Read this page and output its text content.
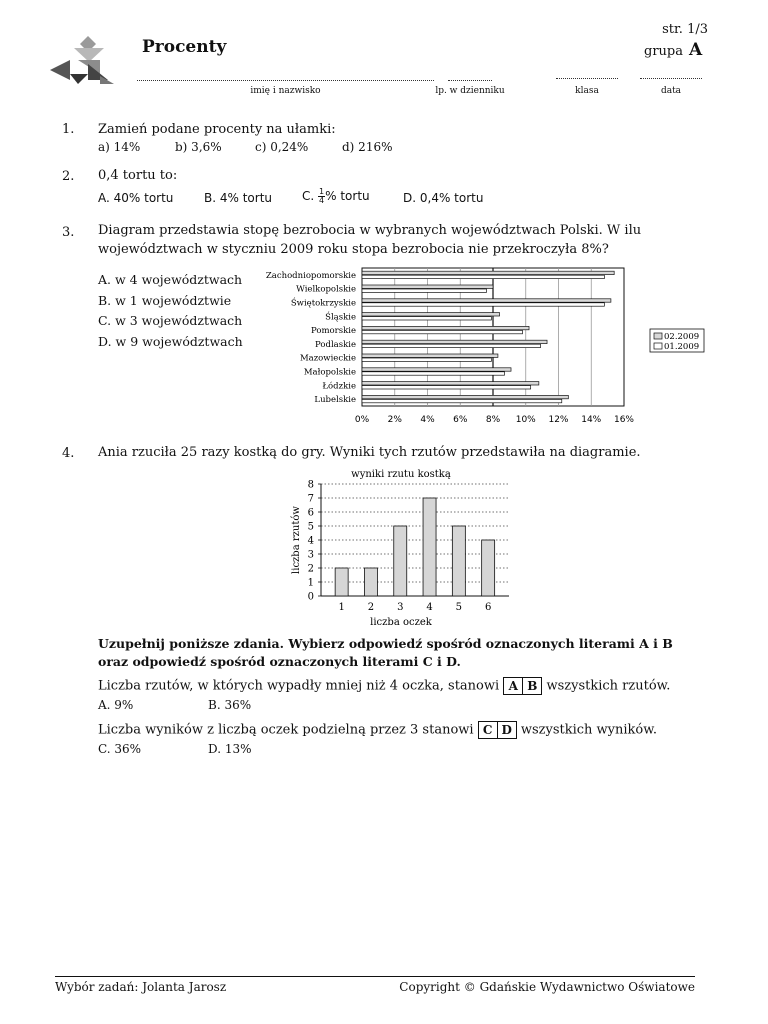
Procenty
str. 1/3
grupa A
imię i nazwisko	lp. w dzienniku	klasa	data
1. Zamień podane procenty na ułamki:
a) 14%	b) 3,6%	c) 0,24%	d) 216%
2. 0,4 tortu to:
A. 40% tortu	B. 4% tortu C. $\frac{1}{4}$ % tortu	D. 0,4% tortu
3. Diagram przedstawia stopę bezrobocia w wybranych województwach Polski. W ilu województwach w styczniu 2009 roku stopa bezrobocia nie przekroczyła 8%?
A. w 4 województwach
B. w 1 województwie
C. w 3 województwach
D. w 9 województwach
0% 2% 4% 6% 8% 10% 12% 14% 16%
Zachodniopomorskie
Wielkopolskie
Świętokrzyskie
Śląskie
Pomorskie
Podlaskie
Mazowieckie
Małopolskie
Łódzkie
Lubelskie
02.2009
01.2009
4. Ania rzuciła 25 razy kostką do gry. Wyniki tych rzutów przedstawiła na diagramie.
wyniki rzutu kostką
0
1
2
3
4
5
6
7
8
1 2 3 4 5 6
liczba oczek
liczba rzutów
Uzupełnij poniższe zdania. Wybierz odpowiedź spośród oznaczonych literami A i B oraz odpowiedź spośród oznaczonych literami C i D.
Liczba rzutów, w których wypadły mniej niż 4 oczka, stanowi A B wszystkich rzutów.
A. 9%	B. 36%
Liczba wyników z liczbą oczek podzielną przez 3 stanowi C D wszystkich wyników.
C. 36%	D. 13%
Wybór zadań: Jolanta Jarosz	Copyright © Gdańskie Wydawnictwo Oświatowe
